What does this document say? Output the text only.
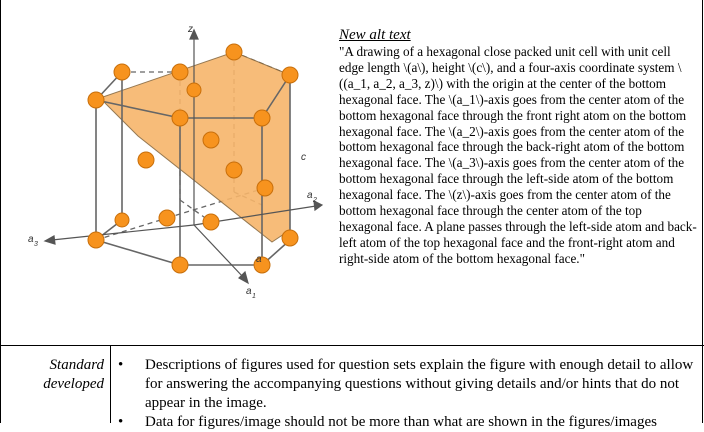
z
c
a
a 1
a 2
a 3
New alt text
"A drawing of a hexagonal close packed unit cell with unit cell edge length \(a\), height \(c\), and a four-axis coordinate system \((a_1, a_2, a_3, z)\) with the origin at the center of the bottom hexagonal face. The \(a_1\)-axis goes from the center atom of the bottom hexagonal face through the front right atom on the bottom hexagonal face. The \(a_2\)-axis goes from the center atom of the bottom hexagonal face through the back-right atom of the bottom hexagonal face. The \(a_3\)-axis goes from the center atom of the bottom hexagonal face through the left-side atom of the bottom hexagonal face. The \(z\)-axis goes from the center atom of the bottom hexagonal face through the center atom of the top hexagonal face. A plane passes through the left-side atom and back-left atom of the top hexagonal face and the front-right atom and right-side atom of the bottom hexagonal face."
Standard developed
• Descriptions of figures used for question sets explain the figure with enough detail to allow for answering the accompanying questions without giving details and/or hints that do not appear in the image.
• Data for figures/image should not be more than what are shown in the figures/images
